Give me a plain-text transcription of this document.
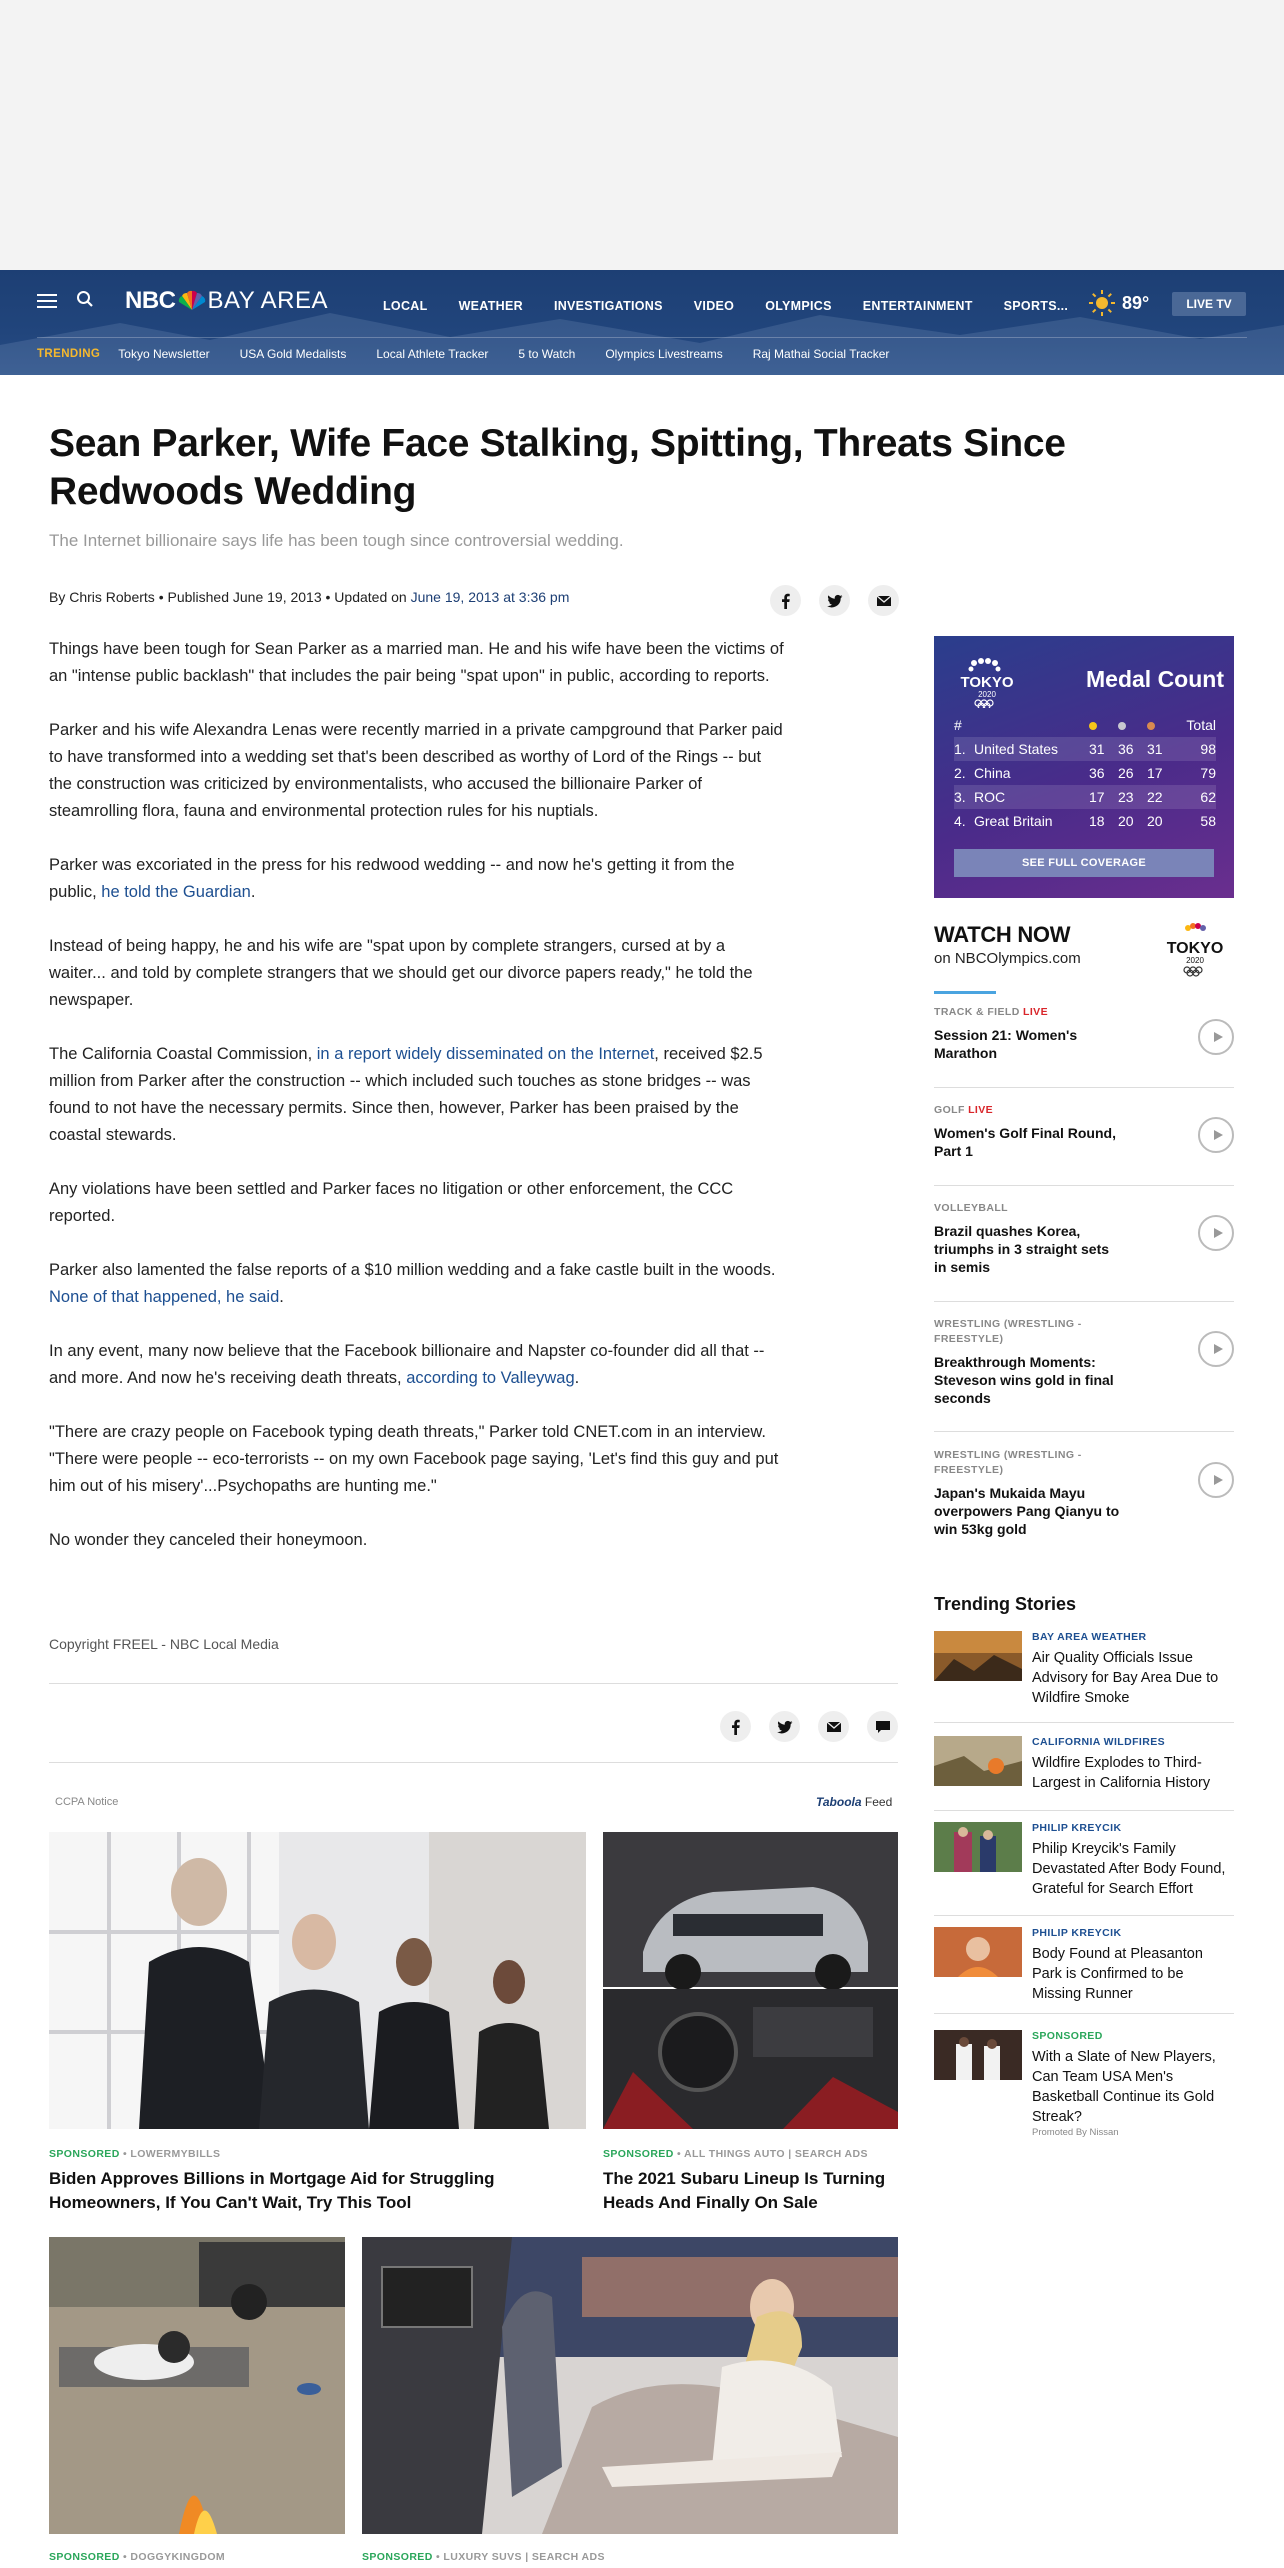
NBC BAY AREA	LOCAL WEATHER INVESTIGATIONS VIDEO OLYMPICS ENTERTAINMENT SPORTS...	89°	LIVE TV
TRENDING Tokyo Newsletter	USA Gold Medalists	Local Athlete Tracker	5 to Watch	Olympics Livestreams	Raj Mathai Social Tracker
Sean Parker, Wife Face Stalking, Spitting, Threats Since Redwoods Wedding
The Internet billionaire says life has been tough since controversial wedding.
By Chris Roberts • Published June 19, 2013 • Updated on June 19, 2013 at 3:36 pm

Things have been tough for Sean Parker as a married man. He and his wife have been the victims of an "intense public backlash" that includes the pair being "spat upon" in public, according to reports.

Parker and his wife Alexandra Lenas were recently married in a private campground that Parker paid to have transformed into a wedding set that's been described as worthy of Lord of the Rings -- but the construction was criticized by environmentalists, who accused the billionaire Parker of steamrolling flora, fauna and environmental protection rules for his nuptials.

Parker was excoriated in the press for his redwood wedding -- and now he's getting it from the public, he told the Guardian.

Instead of being happy, he and his wife are "spat upon by complete strangers, cursed at by a waiter... and told by complete strangers that we should get our divorce papers ready," he told the newspaper.

The California Coastal Commission, in a report widely disseminated on the Internet, received $2.5 million from Parker after the construction -- which included such touches as stone bridges -- was found to not have the necessary permits. Since then, however, Parker has been praised by the coastal stewards.

Any violations have been settled and Parker faces no litigation or other enforcement, the CCC reported.

Parker also lamented the false reports of a $10 million wedding and a fake castle built in the woods. None of that happened, he said.

In any event, many now believe that the Facebook billionaire and Napster co-founder did all that -- and more. And now he's receiving death threats, according to Valleywag.

"There are crazy people on Facebook typing death threats," Parker told CNET.com in an interview. "There were people -- eco-terrorists -- on my own Facebook page saying, 'Let's find this guy and put him out of his misery'...Psychopaths are hunting me."

No wonder they canceled their honeymoon.

Copyright FREEL - NBC Local Media
CCPA Notice	Taboola Feed
SPONSORED • LOWERMYBILLS
Biden Approves Billions in Mortgage Aid for Struggling Homeowners, If You Can't Wait, Try This Tool
SPONSORED • ALL THINGS AUTO | SEARCH ADS
The 2021 Subaru Lineup Is Turning Heads And Finally On Sale
SPONSORED • DOGGYKINGDOM	SPONSORED • LUXURY SUVS | SEARCH ADS
TOKYO
2020
Medal Count
#	Total
1. United States	31 36 31	98
2. China	36 26 17	79
3. ROC	17 23 22	62
4. Great Britain	18 20 20	58
SEE FULL COVERAGE
WATCH NOW
on NBCOlympics.com
TOKYO
2020
TRACK & FIELD LIVE
Session 21: Women's Marathon
GOLF LIVE
Women's Golf Final Round, Part 1
VOLLEYBALL
Brazil quashes Korea, triumphs in 3 straight sets in semis
WRESTLING (WRESTLING - FREESTYLE)
Breakthrough Moments: Steveson wins gold in final seconds
WRESTLING (WRESTLING - FREESTYLE)
Japan's Mukaida Mayu overpowers Pang Qianyu to win 53kg gold
Trending Stories
BAY AREA WEATHER
Air Quality Officials Issue Advisory for Bay Area Due to Wildfire Smoke
CALIFORNIA WILDFIRES
Wildfire Explodes to Third-Largest in California History
PHILIP KREYCIK
Philip Kreycik's Family Devastated After Body Found, Grateful for Search Effort
PHILIP KREYCIK
Body Found at Pleasanton Park is Confirmed to be Missing Runner
SPONSORED
With a Slate of New Players, Can Team USA Men's Basketball Continue its Gold Streak?
Promoted By Nissan
